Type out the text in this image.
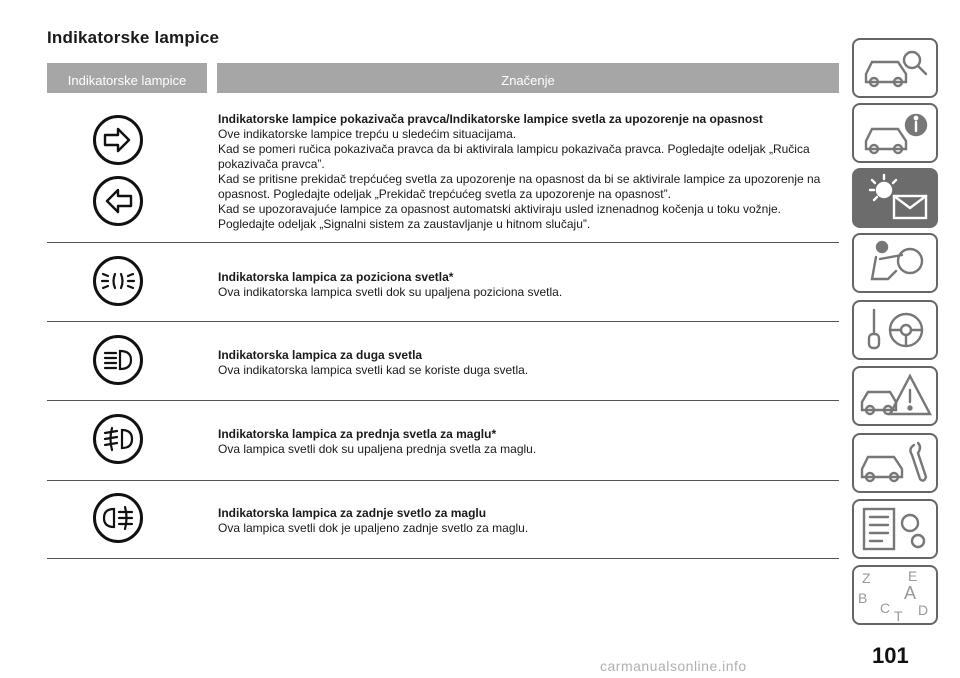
Indikatorske lampice
Indikatorske lampice	Značenje
Indikatorske lampice pokazivača pravca/Indikatorske lampice svetla za upozorenje na opasnost
Ove indikatorske lampice trepću u sledećim situacijama.
Kad se pomeri ručica pokazivača pravca da bi aktivirala lampicu pokazivača pravca. Pogledajte odeljak „Ručica pokazivača pravca”.
Kad se pritisne prekidač trepćućeg svetla za upozorenje na opasnost da bi se aktivirale lampice za upozorenje na opasnost. Pogledajte odeljak „Prekidač trepćućeg svetla za upozorenje na opasnost”.
Kad se upozoravajuće lampice za opasnost automatski aktiviraju usled iznenadnog kočenja u toku vožnje. Pogledajte odeljak „Signalni sistem za zaustavljanje u hitnom slučaju”.
Indikatorska lampica za poziciona svetla*
Ova indikatorska lampica svetli dok su upaljena poziciona svetla.
Indikatorska lampica za duga svetla
Ova indikatorska lampica svetli kad se koriste duga svetla.
Indikatorska lampica za prednja svetla za maglu*
Ova lampica svetli dok su upaljena prednja svetla za maglu.
Indikatorska lampica za zadnje svetlo za maglu
Ova lampica svetli dok je upaljeno zadnje svetlo za maglu.
Z	E
B A
C T D
101
carmanualsonline.info
